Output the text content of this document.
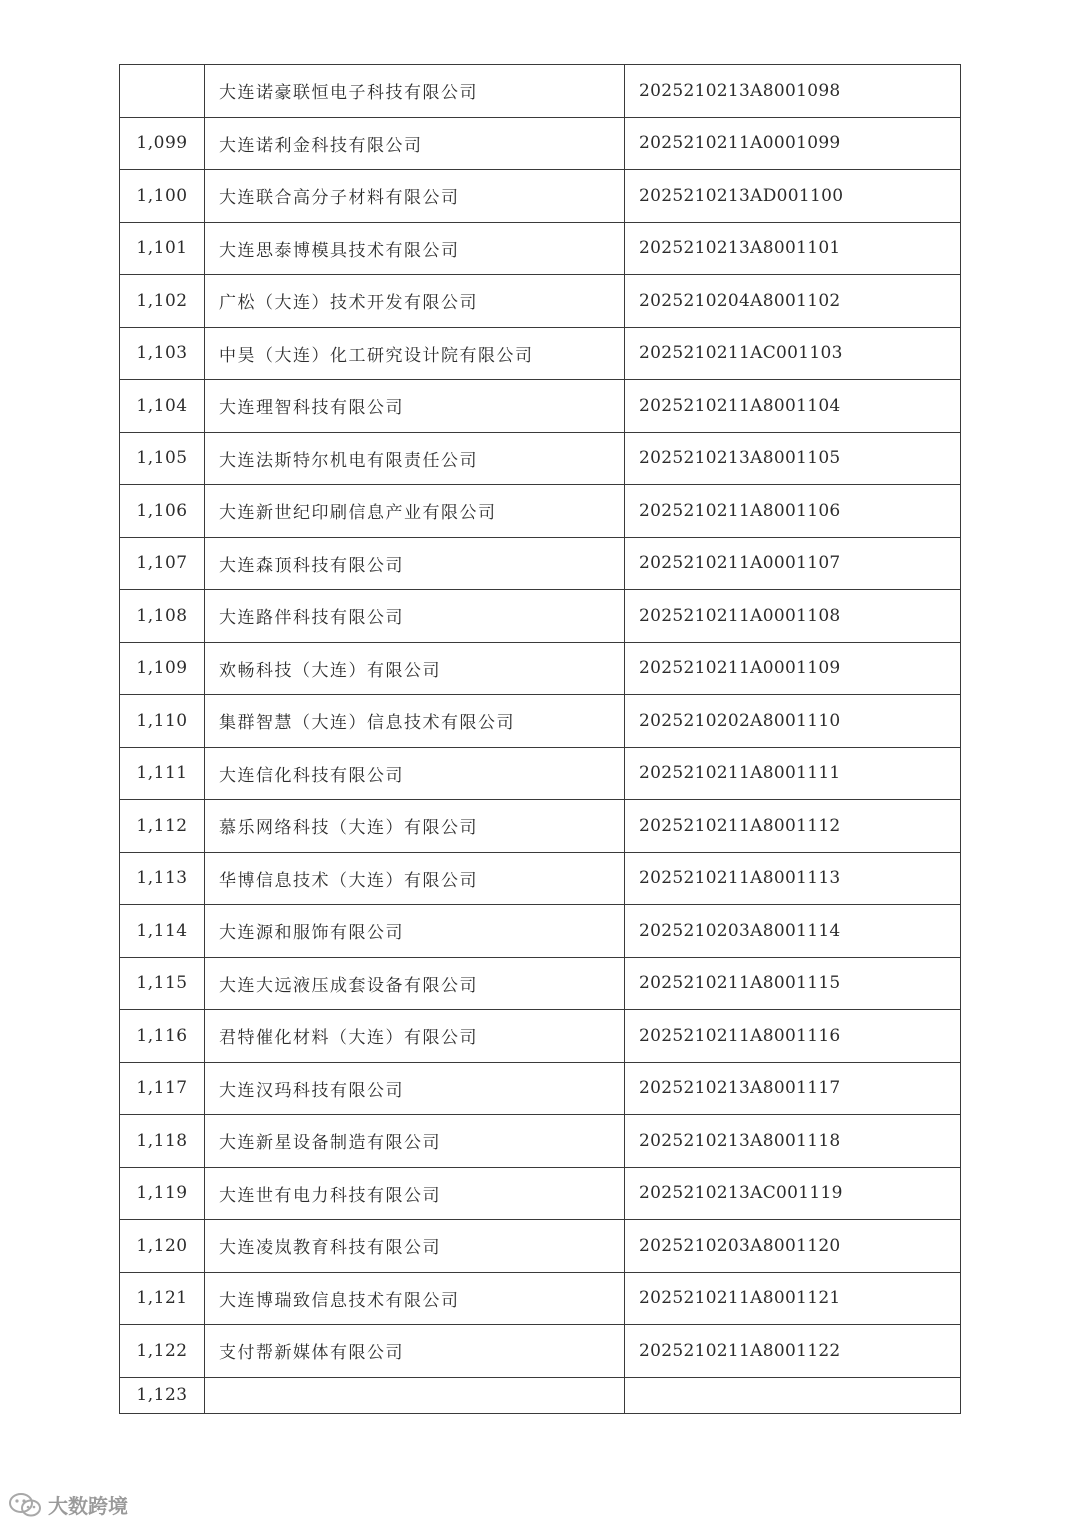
	大连诺豪联恒电子科技有限公司	2025210213A8001098
1,099	大连诺利金科技有限公司	2025210211A0001099
1,100	大连联合高分子材料有限公司	2025210213AD001100
1,101	大连思泰博模具技术有限公司	2025210213A8001101
1,102	广松（大连）技术开发有限公司	2025210204A8001102
1,103	中昊（大连）化工研究设计院有限公司	2025210211AC001103
1,104	大连理智科技有限公司	2025210211A8001104
1,105	大连法斯特尔机电有限责任公司	2025210213A8001105
1,106	大连新世纪印刷信息产业有限公司	2025210211A8001106
1,107	大连森顶科技有限公司	2025210211A0001107
1,108	大连路伴科技有限公司	2025210211A0001108
1,109	欢畅科技（大连）有限公司	2025210211A0001109
1,110	集群智慧（大连）信息技术有限公司	2025210202A8001110
1,111	大连信化科技有限公司	2025210211A8001111
1,112	慕乐网络科技（大连）有限公司	2025210211A8001112
1,113	华博信息技术（大连）有限公司	2025210211A8001113
1,114	大连源和服饰有限公司	2025210203A8001114
1,115	大连大远液压成套设备有限公司	2025210211A8001115
1,116	君特催化材料（大连）有限公司	2025210211A8001116
1,117	大连汉玛科技有限公司	2025210213A8001117
1,118	大连新星设备制造有限公司	2025210213A8001118
1,119	大连世有电力科技有限公司	2025210213AC001119
1,120	大连凌岚教育科技有限公司	2025210203A8001120
1,121	大连博瑞致信息技术有限公司	2025210211A8001121
1,122	支付帮新媒体有限公司	2025210211A8001122
1,123		
大数跨境
